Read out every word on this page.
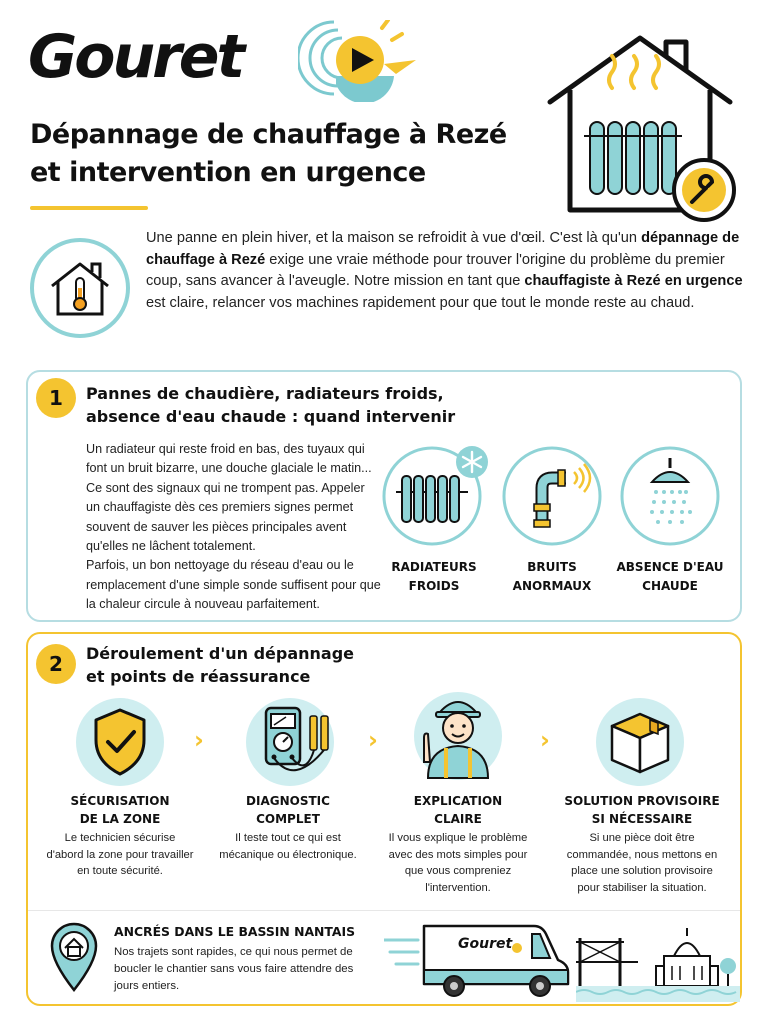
Gouret
Dépannage de chauffage à Rezé
et intervention en urgence

Une panne en plein hiver, et la maison se refroidit à vue d'œil. C'est là qu'un dépannage de chauffage à Rezé exige une vraie méthode pour trouver l'origine du problème du premier coup, sans avancer à l'aveugle. Notre mission en tant que chauffagiste à Rezé en urgence est claire, relancer vos machines rapidement pour que tout le monde reste au chaud.

1	Pannes de chaudière, radiateurs froids,
absence d'eau chaude : quand intervenir
Un radiateur qui reste froid en bas, des tuyaux qui font un bruit bizarre, une douche glaciale le matin... Ce sont des signaux qui ne trompent pas. Appeler un chauffagiste dès ces premiers signes permet souvent de sauver les pièces principales avent qu'elles ne lâchent totalement.
Parfois, un bon nettoyage du réseau d'eau ou le remplacement d'une simple sonde suffisent pour que la chaleur circule à nouveau parfaitement.
RADIATEURS
FROIDS
BRUITS
ANORMAUX
ABSENCE D'EAU
CHAUDE
2	Déroulement d'un dépannage
et points de réassurance
SÉCURISATION
DE LA ZONE
Le technicien sécurise d'abord la zone pour travailler en toute sécurité.
›
DIAGNOSTIC
COMPLET
Il teste tout ce qui est mécanique ou électronique.
›
EXPLICATION
CLAIRE
Il vous explique le problème avec des mots simples pour que vous compreniez l'intervention.
›
SOLUTION PROVISOIRE
SI NÉCESSAIRE
Si une pièce doit être commandée, nous mettons en place une solution provisoire pour stabiliser la situation.
ANCRÉS DANS LE BASSIN NANTAIS
Nos trajets sont rapides, ce qui nous permet de boucler le chantier sans vous faire attendre des jours entiers.
Gouret
